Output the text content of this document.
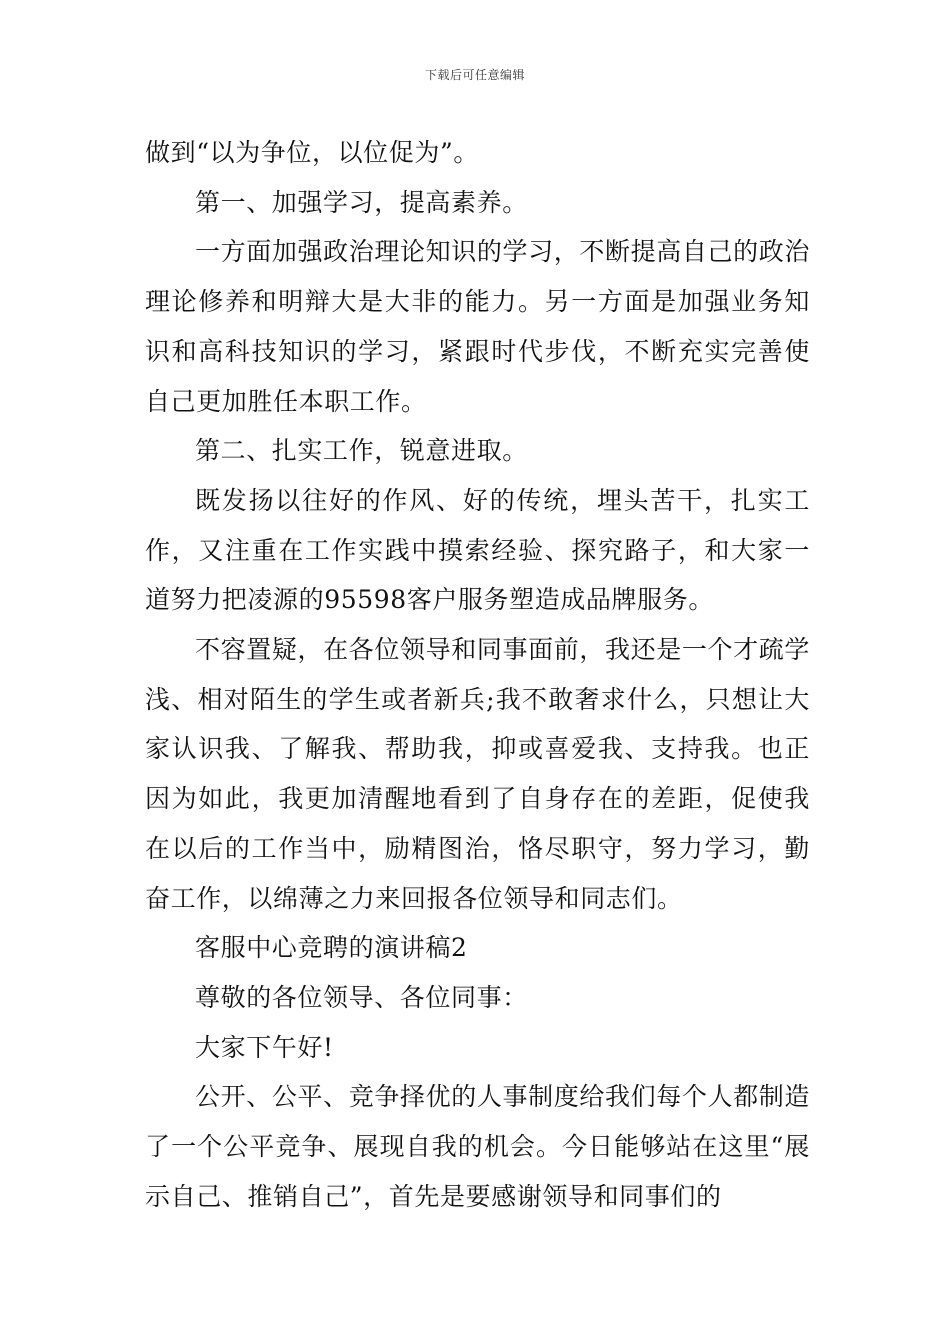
下载后可任意编辑

做到“以为争位，以位促为”。

第一、加强学习，提高素养。

一方面加强政治理论知识的学习，不断提高自己的政治理论修养和明辩大是大非的能力。另一方面是加强业务知识和高科技知识的学习，紧跟时代步伐，不断充实完善使自己更加胜任本职工作。

第二、扎实工作，锐意进取。

既发扬以往好的作风、好的传统，埋头苦干，扎实工作，又注重在工作实践中摸索经验、探究路子，和大家一道努力把凌源的95598客户服务塑造成品牌服务。

不容置疑，在各位领导和同事面前，我还是一个才疏学浅、相对陌生的学生或者新兵;我不敢奢求什么，只想让大家认识我、了解我、帮助我，抑或喜爱我、支持我。也正因为如此，我更加清醒地看到了自身存在的差距，促使我在以后的工作当中，励精图治，恪尽职守，努力学习，勤奋工作，以绵薄之力来回报各位领导和同志们。

客服中心竞聘的演讲稿2

尊敬的各位领导、各位同事：

大家下午好!

公开、公平、竞争择优的人事制度给我们每个人都制造了一个公平竞争、展现自我的机会。今日能够站在这里“展示自己、推销自己”，首先是要感谢领导和同事们的
